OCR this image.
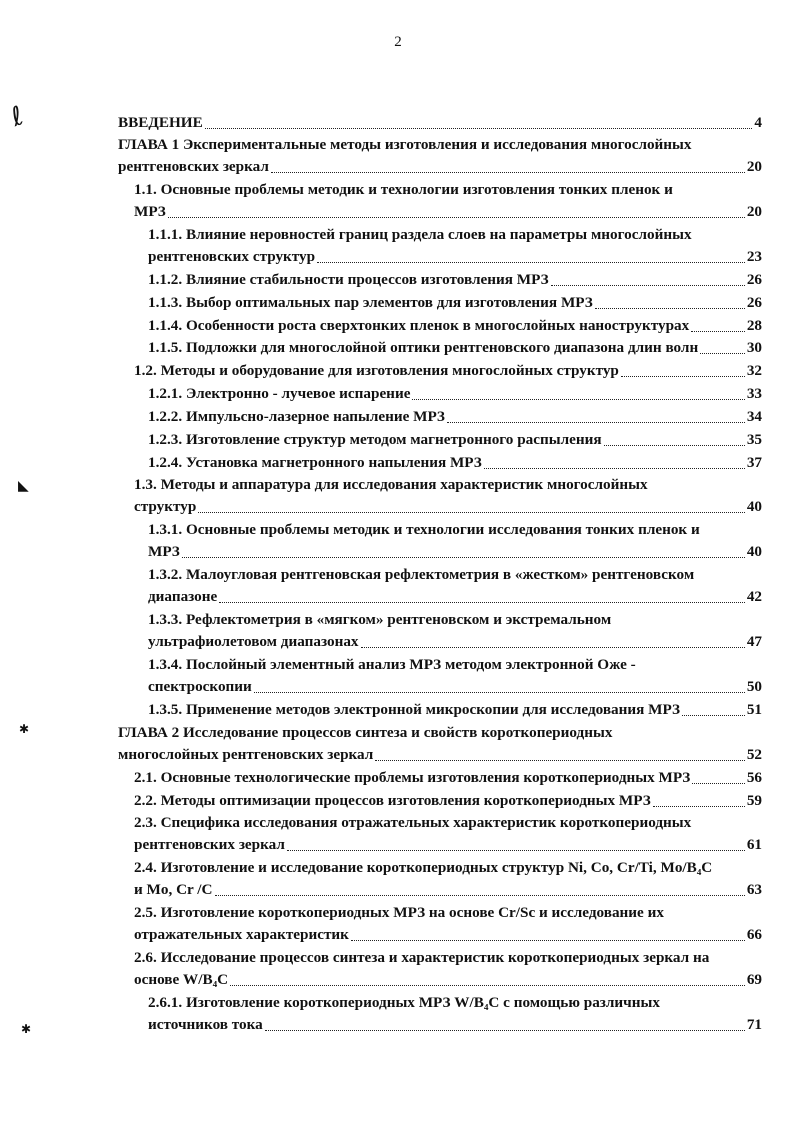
2
ℓ
◣
✱
✱
ВВЕДЕНИЕ	4
ГЛАВА 1 Экспериментальные методы изготовления и исследования многослойных
рентгеновских зеркал	20
1.1. Основные проблемы методик и технологии изготовления тонких пленок и
МРЗ	20
1.1.1. Влияние неровностей границ раздела слоев на параметры многослойных
рентгеновских структур	23
1.1.2. Влияние стабильности процессов изготовления МРЗ	26
1.1.3. Выбор оптимальных пар элементов для изготовления МРЗ	26
1.1.4. Особенности роста сверхтонких пленок в многослойных наноструктурах	28
1.1.5. Подложки для многослойной оптики рентгеновского диапазона длин волн	30
1.2. Методы и оборудование для изготовления многослойных структур	32
1.2.1. Электронно - лучевое испарение	33
1.2.2. Импульсно-лазерное напыление МРЗ	34
1.2.3. Изготовление структур методом магнетронного распыления	35
1.2.4. Установка магнетронного напыления МРЗ	37
1.3. Методы и аппаратура для исследования характеристик многослойных
структур	40
1.3.1. Основные проблемы методик и технологии исследования тонких пленок и
МРЗ	40
1.3.2. Малоугловая рентгеновская рефлектометрия в «жестком» рентгеновском
диапазоне	42
1.3.3. Рефлектометрия в «мягком» рентгеновском и экстремальном
ультрафиолетовом диапазонах	47
1.3.4. Послойный элементный анализ МРЗ методом электронной Оже -
спектроскопии	50
1.3.5. Применение методов электронной микроскопии для исследования МРЗ	51
ГЛАВА 2 Исследование процессов синтеза и свойств короткопериодных
многослойных рентгеновских зеркал	52
2.1. Основные технологические проблемы изготовления короткопериодных МРЗ	56
2.2. Методы оптимизации процессов изготовления короткопериодных МРЗ	59
2.3. Специфика исследования отражательных характеристик короткопериодных
рентгеновских зеркал	61
2.4. Изготовление и исследование короткопериодных структур Ni, Co, Cr/Ti, Mo/B₄C
и Mo, Cr /C	63
2.5. Изготовление короткопериодных МРЗ на основе Cr/Sc и исследование их
отражательных характеристик	66
2.6. Исследование процессов синтеза и характеристик короткопериодных зеркал на
основе W/B₄C	69
2.6.1. Изготовление короткопериодных МРЗ W/B₄C с помощью различных
источников тока	71
